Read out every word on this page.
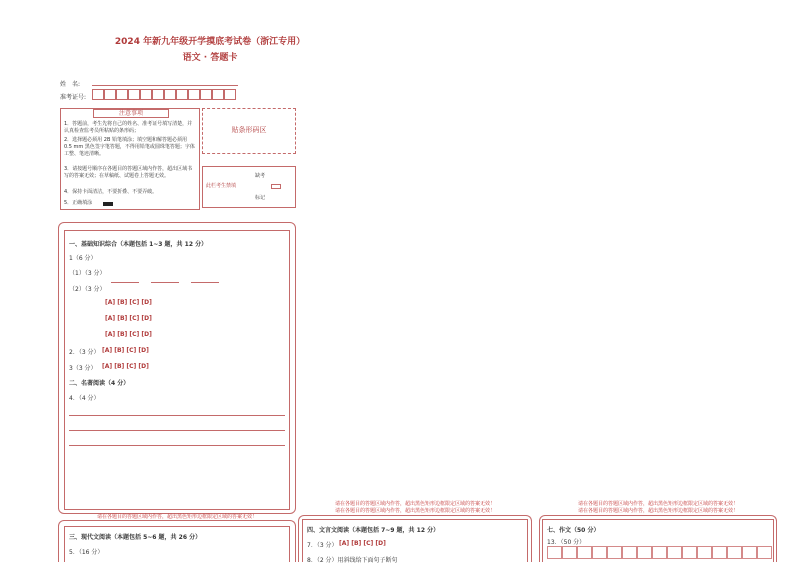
2024 年新九年级开学摸底考试卷（浙江专用）
语文 · 答题卡
姓　名:
准考证号:
注意事项
1．答题前，考生先将自己的姓名、准考证号填写清楚，并认真检查监考员所粘贴的条形码；
2．选择题必须用 2B 铅笔填涂；填空题和解答题必须用 0.5 mm 黑色签字笔答题，不得用铅笔或圆珠笔答题；字体工整、笔迹清晰。
3．请按题号顺序在各题目的答题区域内作答，超出区域书写的答案无效；在草稿纸、试题卷上答题无效。
4．保持卡面清洁，不要折叠、不要弄破。
5．正确填涂
贴条形码区
此栏考生禁填
缺考
标记
一、基础知识综合（本题包括 1~3 题，共 12 分）
1（6 分）
（1）（3 分）
（2）（3 分）
[A] [B] [C] [D]
[A] [B] [C] [D]
[A] [B] [C] [D]
2．（3 分） [A] [B] [C] [D]
3（3 分） [A] [B] [C] [D]
二、名著阅读（4 分）
4．（4 分）
请在各题目的答题区域内作答，超出黑色矩形边框限定区域的答案无效！
请在各题目的答题区域内作答，超出黑色矩形边框限定区域的答案无效！
请在各题目的答题区域内作答，超出黑色矩形边框限定区域的答案无效！
请在各题目的答题区域内作答，超出黑色矩形边框限定区域的答案无效！
请在各题目的答题区域内作答，超出黑色矩形边框限定区域的答案无效！
三、现代文阅读（本题包括 5~6 题，共 26 分）
5．（16 分）
四、文言文阅读（本题包括 7~9 题，共 12 分）
7．（3 分） [A] [B] [C] [D]
8．（2 分）用斜线给下面句子断句
七、作文（50 分）
13．（50 分）
